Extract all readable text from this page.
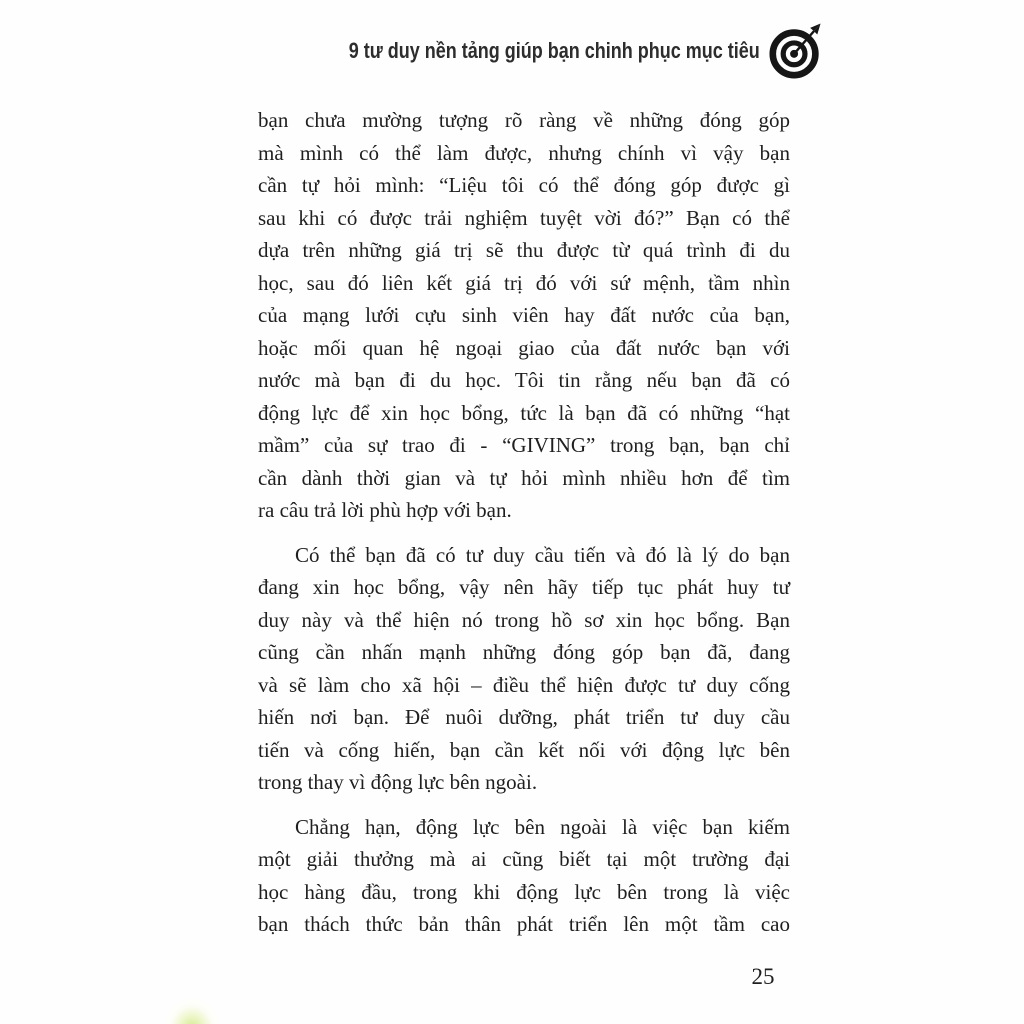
9 tư duy nền tảng giúp bạn chinh phục mục tiêu
bạn chưa mường tượng rõ ràng về những đóng góp
mà mình có thể làm được, nhưng chính vì vậy bạn
cần tự hỏi mình: “Liệu tôi có thể đóng góp được gì
sau khi có được trải nghiệm tuyệt vời đó?” Bạn có thể
dựa trên những giá trị sẽ thu được từ quá trình đi du
học, sau đó liên kết giá trị đó với sứ mệnh, tầm nhìn
của mạng lưới cựu sinh viên hay đất nước của bạn,
hoặc mối quan hệ ngoại giao của đất nước bạn với
nước mà bạn đi du học. Tôi tin rằng nếu bạn đã có
động lực để xin học bổng, tức là bạn đã có những “hạt
mầm” của sự trao đi - “GIVING” trong bạn, bạn chỉ
cần dành thời gian và tự hỏi mình nhiều hơn để tìm
ra câu trả lời phù hợp với bạn.
Có thể bạn đã có tư duy cầu tiến và đó là lý do bạn
đang xin học bổng, vậy nên hãy tiếp tục phát huy tư
duy này và thể hiện nó trong hồ sơ xin học bổng. Bạn
cũng cần nhấn mạnh những đóng góp bạn đã, đang
và sẽ làm cho xã hội – điều thể hiện được tư duy cống
hiến nơi bạn. Để nuôi dưỡng, phát triển tư duy cầu
tiến và cống hiến, bạn cần kết nối với động lực bên
trong thay vì động lực bên ngoài.
Chẳng hạn, động lực bên ngoài là việc bạn kiếm
một giải thưởng mà ai cũng biết tại một trường đại
học hàng đầu, trong khi động lực bên trong là việc
bạn thách thức bản thân phát triển lên một tầm cao
25
